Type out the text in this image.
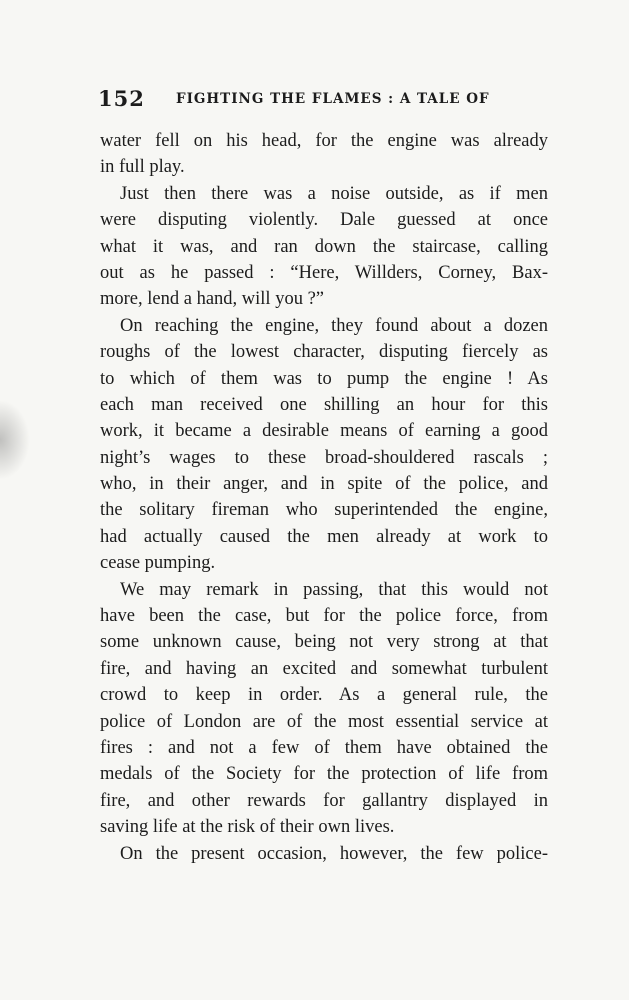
152 FIGHTING THE FLAMES : A TALE OF
water fell on his head, for the engine was already
in full play.
Just then there was a noise outside, as if men
were disputing violently. Dale guessed at once
what it was, and ran down the staircase, calling
out as he passed : “Here, Willders, Corney, Bax-
more, lend a hand, will you ?”
On reaching the engine, they found about a dozen
roughs of the lowest character, disputing fiercely as
to which of them was to pump the engine ! As
each man received one shilling an hour for this
work, it became a desirable means of earning a good
night’s wages to these broad-shouldered rascals ;
who, in their anger, and in spite of the police, and
the solitary fireman who superintended the engine,
had actually caused the men already at work to
cease pumping.
We may remark in passing, that this would not
have been the case, but for the police force, from
some unknown cause, being not very strong at that
fire, and having an excited and somewhat turbulent
crowd to keep in order. As a general rule, the
police of London are of the most essential service at
fires : and not a few of them have obtained the
medals of the Society for the protection of life from
fire, and other rewards for gallantry displayed in
saving life at the risk of their own lives.
On the present occasion, however, the few police-
